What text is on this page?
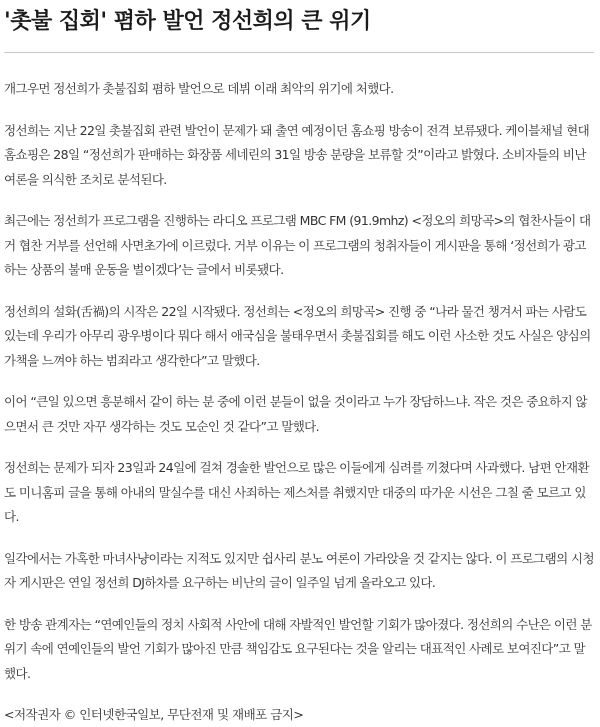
'촛불 집회' 폄하 발언 정선희의 큰 위기

개그우먼 정선희가 촛불집회 폄하 발언으로 데뷔 이래 최악의 위기에 처했다.

정선희는 지난 22일 촛불집회 관련 발언이 문제가 돼 출연 예정이던 홈쇼핑 방송이 전격 보류됐다. 케이블채널 현대 홈쇼핑은 28일 “정선희가 판매하는 화장품 세네린의 31일 방송 분량을 보류할 것”이라고 밝혔다. 소비자들의 비난여론을 의식한 조치로 분석된다.

최근에는 정선희가 프로그램을 진행하는 라디오 프로그램 MBC FM (91.9mhz) <정오의 희망곡>의 협찬사들이 대거 협찬 거부를 선언해 사면초가에 이르렀다. 거부 이유는 이 프로그램의 청취자들이 게시판을 통해 ‘정선희가 광고하는 상품의 불매 운동을 벌이겠다’는 글에서 비롯됐다.

정선희의 설화(舌禍)의 시작은 22일 시작됐다. 정선희는 <정오의 희망곡> 진행 중 “나라 물건 챙겨서 파는 사람도 있는데 우리가 아무리 광우병이다 뭐다 해서 애국심을 불태우면서 촛불집회를 해도 이런 사소한 것도 사실은 양심의 가책을 느껴야 하는 범죄라고 생각한다”고 말했다.

이어 “큰일 있으면 흥분해서 같이 하는 분 중에 이런 분들이 없을 것이라고 누가 장담하느냐. 작은 것은 중요하지 않으면서 큰 것만 자꾸 생각하는 것도 모순인 것 같다”고 말했다.

정선희는 문제가 되자 23일과 24일에 걸쳐 경솔한 발언으로 많은 이들에게 심려를 끼쳤다며 사과했다. 남편 안재환도 미니홈피 글을 통해 아내의 말실수를 대신 사죄하는 제스처를 취했지만 대중의 따가운 시선은 그칠 줄 모르고 있다.

일각에서는 가혹한 마녀사냥이라는 지적도 있지만 쉽사리 분노 여론이 가라앉을 것 같지는 않다. 이 프로그램의 시청자 게시판은 연일 정선희 DJ하차를 요구하는 비난의 글이 일주일 넘게 올라오고 있다.

한 방송 관계자는 “연예인들의 정치 사회적 사안에 대해 자발적인 발언할 기회가 많아졌다. 정선희의 수난은 이런 분위기 속에 연예인들의 발언 기회가 많아진 만큼 책임감도 요구된다는 것을 알리는 대표적인 사례로 보여진다”고 말했다.

<저작권자 © 인터넷한국일보, 무단전재 및 재배포 금지>
